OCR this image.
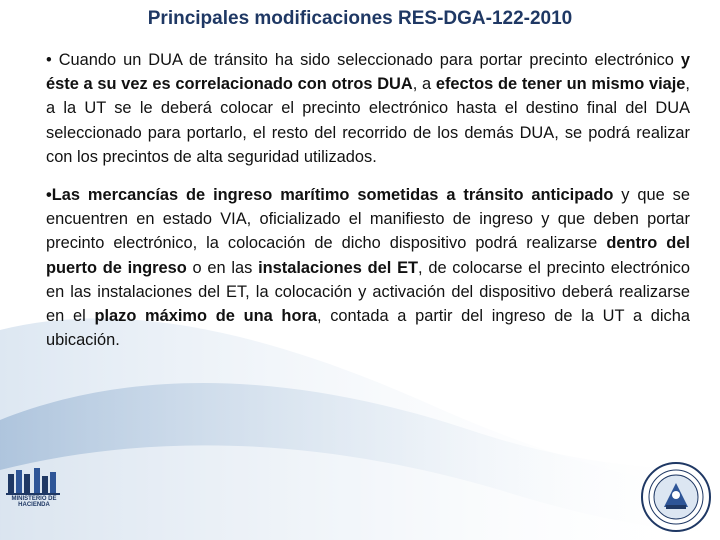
Principales modificaciones RES-DGA-122-2010

• Cuando un DUA de tránsito ha sido seleccionado para portar precinto electrónico y éste a su vez es correlacionado con otros DUA, a efectos de tener un mismo viaje, a la UT se le deberá colocar el precinto electrónico hasta el destino final del DUA seleccionado para portarlo, el resto del recorrido de los demás DUA, se podrá realizar con los precintos de alta seguridad utilizados.

•Las mercancías de ingreso marítimo sometidas a tránsito anticipado y que se encuentren en estado VIA, oficializado el manifiesto de ingreso y que deben portar precinto electrónico, la colocación de dicho dispositivo podrá realizarse dentro del puerto de ingreso o en las instalaciones del ET, de colocarse el precinto electrónico en las instalaciones del ET, la colocación y activación del dispositivo deberá realizarse en el plazo máximo de una hora, contada a partir del ingreso de la UT a dicha ubicación.

MINISTERIO DE HACIENDA
